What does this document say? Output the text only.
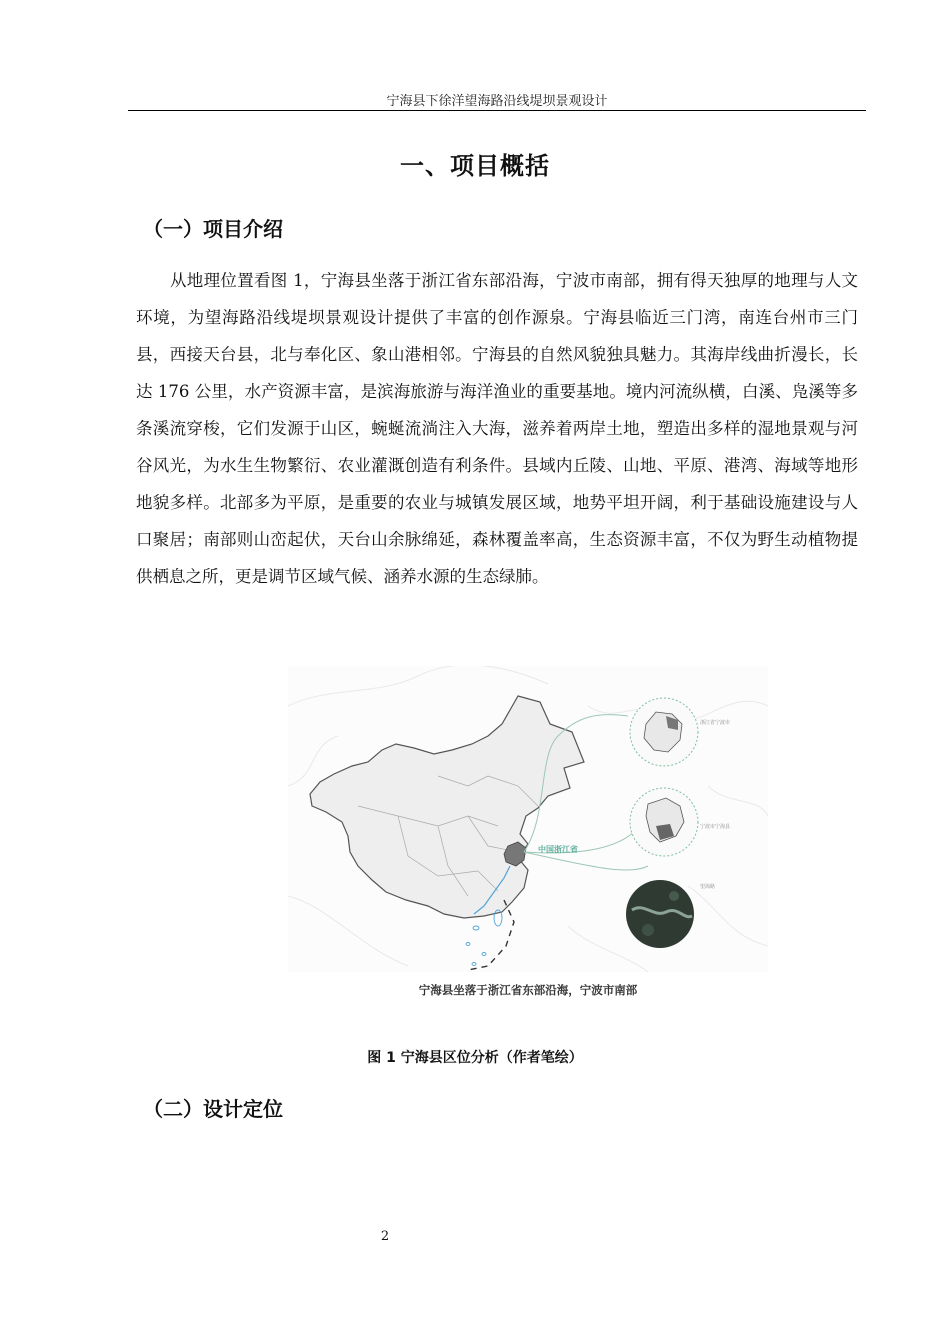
宁海县下徐洋望海路沿线堤坝景观设计
一、项目概括
（一）项目介绍

从地理位置看图 1，宁海县坐落于浙江省东部沿海，宁波市南部，拥有得天独厚的地理与人文环境，为望海路沿线堤坝景观设计提供了丰富的创作源泉。宁海县临近三门湾，南连台州市三门县，西接天台县，北与奉化区、象山港相邻。宁海县的自然风貌独具魅力。其海岸线曲折漫长，长达 176 公里，水产资源丰富，是滨海旅游与海洋渔业的重要基地。境内河流纵横，白溪、凫溪等多条溪流穿梭，它们发源于山区，蜿蜒流淌注入大海，滋养着两岸土地，塑造出多样的湿地景观与河谷风光，为水生生物繁衍、农业灌溉创造有利条件。县域内丘陵、山地、平原、港湾、海域等地形地貌多样。北部多为平原，是重要的农业与城镇发展区域，地势平坦开阔，利于基础设施建设与人口聚居；南部则山峦起伏，天台山余脉绵延，森林覆盖率高，生态资源丰富，不仅为野生动植物提供栖息之所，更是调节区域气候、涵养水源的生态绿肺。

中国浙江省
浙江省宁波市
宁波市宁海县
望海路
宁海县坐落于浙江省东部沿海，宁波市南部
图 1 宁海县区位分析（作者笔绘）
（二）设计定位
2
